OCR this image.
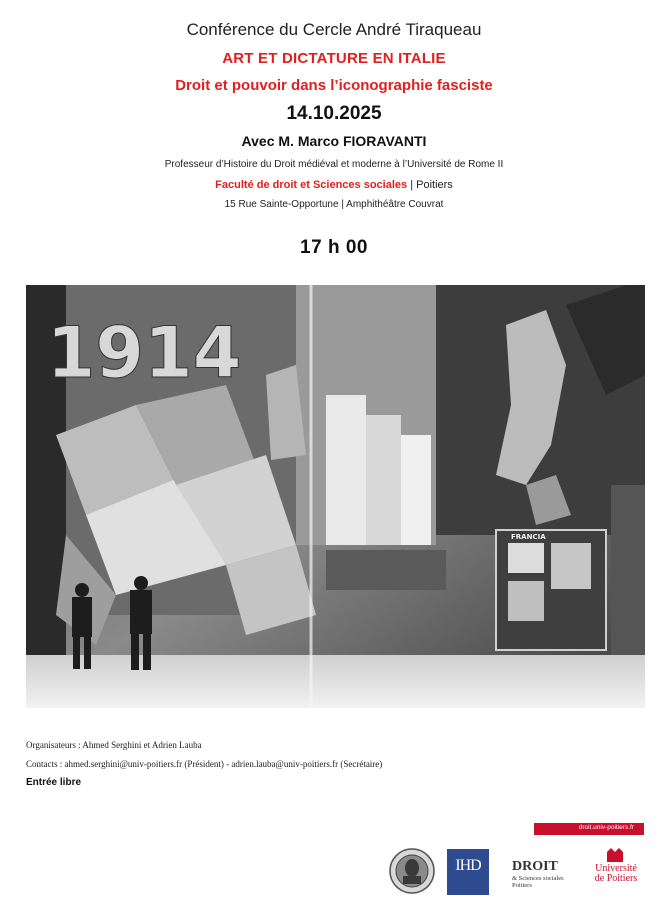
Conférence du Cercle André Tiraqueau
ART ET DICTATURE EN ITALIE
Droit et pouvoir dans l’iconographie fasciste
14.10.2025
Avec M. Marco FIORAVANTI
Professeur d’Histoire du Droit médiéval et moderne à l’Université de Rome II
Faculté de droit et Sciences sociales | Poitiers
15 Rue Sainte-Opportune | Amphithéâtre Couvrat
17 h 00
1914
FRANCIA
Organisateurs : Ahmed Serghini et Adrien Lauba
Contacts : ahmed.serghini@univ-poitiers.fr (Président) - adrien.lauba@univ-poitiers.fr (Secrétaire)
Entrée libre
droit.univ-poitiers.fr
IHD	DROIT
& Sciences sociales
Poitiers
Université
de Poitiers
